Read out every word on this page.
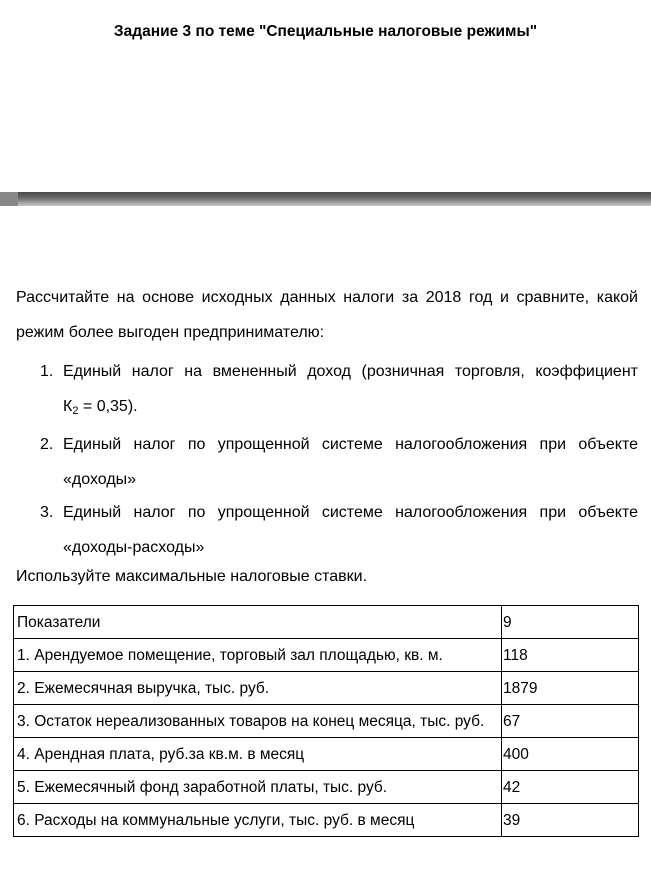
Задание 3 по теме "Специальные налоговые режимы"
Рассчитайте на основе исходных данных налоги за 2018 год и сравните, какой
режим более выгоден предпринимателю:
1. Единый налог на вмененный доход (розничная торговля, коэффициент
$К_2 = 0,35$).
2. Единый налог по упрощенной системе налогообложения при объекте
«доходы»
3. Единый налог по упрощенной системе налогообложения при объекте
«доходы-расходы»
Используйте максимальные налоговые ставки.
Показатели	9
1. Арендуемое помещение, торговый зал площадью, кв. м.	118
2. Ежемесячная выручка, тыс. руб.	1879
3. Остаток нереализованных товаров на конец месяца, тыс. руб.	67
4. Арендная плата, руб.за кв.м. в месяц	400
5. Ежемесячный фонд заработной платы, тыс. руб.	42
6. Расходы на коммунальные услуги, тыс. руб. в месяц	39
